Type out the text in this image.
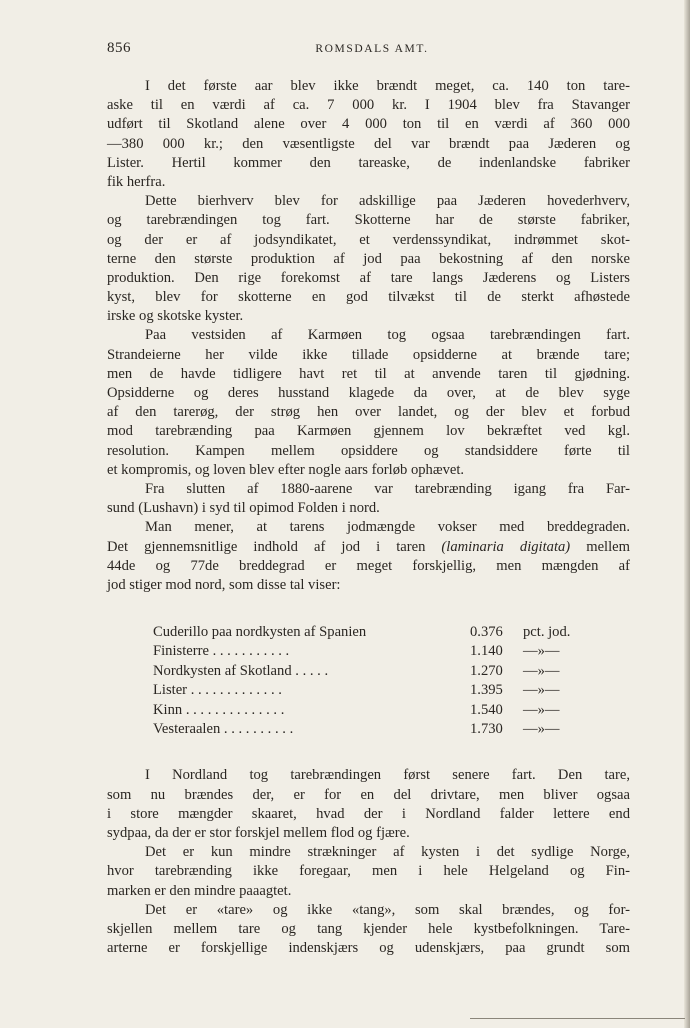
856	ROMSDALS AMT.
I det første aar blev ikke brændt meget, ca. 140 ton tare-
aske til en værdi af ca. 7 000 kr. I 1904 blev fra Stavanger
udført til Skotland alene over 4 000 ton til en værdi af 360 000
—380 000 kr.; den væsentligste del var brændt paa Jæderen og
Lister. Hertil kommer den tareaske, de indenlandske fabriker
fik herfra.
Dette bierhverv blev for adskillige paa Jæderen hovederhverv,
og tarebrændingen tog fart. Skotterne har de største fabriker,
og der er af jodsyndikatet, et verdenssyndikat, indrømmet skot-
terne den største produktion af jod paa bekostning af den norske
produktion. Den rige forekomst af tare langs Jæderens og Listers
kyst, blev for skotterne en god tilvækst til de sterkt afhøstede
irske og skotske kyster.
Paa vestsiden af Karmøen tog ogsaa tarebrændingen fart.
Strandeierne her vilde ikke tillade opsidderne at brænde tare;
men de havde tidligere havt ret til at anvende taren til gjødning.
Opsidderne og deres husstand klagede da over, at de blev syge
af den tarerøg, der strøg hen over landet, og der blev et forbud
mod tarebrænding paa Karmøen gjennem lov bekræftet ved kgl.
resolution. Kampen mellem opsiddere og standsiddere førte til
et kompromis, og loven blev efter nogle aars forløb ophævet.
Fra slutten af 1880-aarene var tarebrænding igang fra Far-
sund (Lushavn) i syd til opimod Folden i nord.
Man mener, at tarens jodmængde vokser med breddegraden.
Det gjennemsnitlige indhold af jod i taren (laminaria digitata) mellem
44de og 77de breddegrad er meget forskjellig, men mængden af
jod stiger mod nord, som disse tal viser:
Cuderillo paa nordkysten af Spanien	0.376 pct. jod.
Finisterre . . . . . . . . . . .	1.140 —»—
Nordkysten af Skotland . . . . .	1.270 —»—
Lister . . . . . . . . . . . . .	1.395 —»—
Kinn . . . . . . . . . . . . . .	1.540 —»—
Vesteraalen . . . . . . . . . .	1.730 —»—
I Nordland tog tarebrændingen først senere fart. Den tare,
som nu brændes der, er for en del drivtare, men bliver ogsaa
i store mængder skaaret, hvad der i Nordland falder lettere end
sydpaa, da der er stor forskjel mellem flod og fjære.
Det er kun mindre strækninger af kysten i det sydlige Norge,
hvor tarebrænding ikke foregaar, men i hele Helgeland og Fin-
marken er den mindre paaagtet.
Det er «tare» og ikke «tang», som skal brændes, og for-
skjellen mellem tare og tang kjender hele kystbefolkningen. Tare-
arterne er forskjellige indenskjærs og udenskjærs, paa grundt som
